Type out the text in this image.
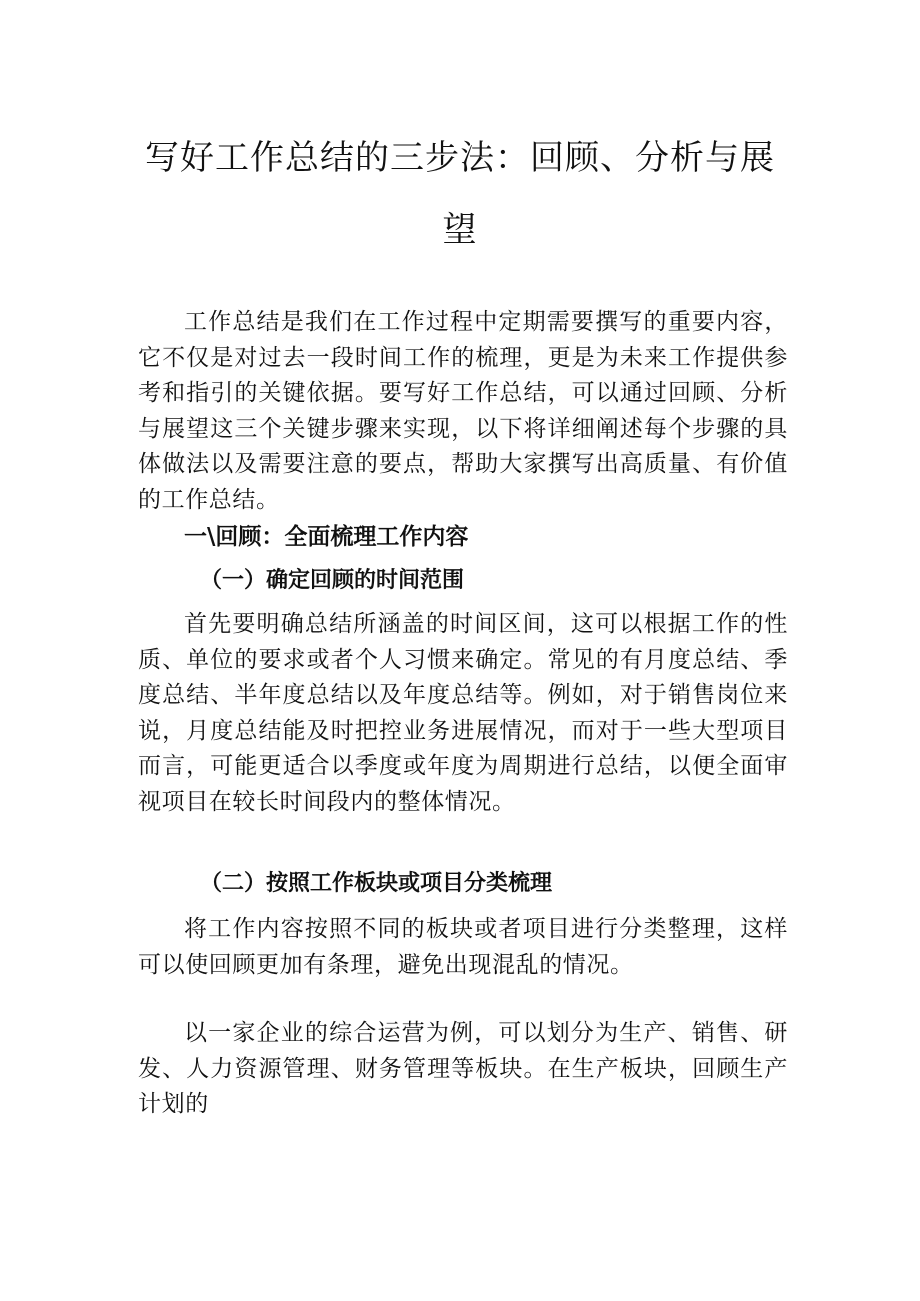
写好工作总结的三步法：回顾、分析与展
望

工作总结是我们在工作过程中定期需要撰写的重要内容，它不仅是对过去一段时间工作的梳理，更是为未来工作提供参考和指引的关键依据。要写好工作总结，可以通过回顾、分析与展望这三个关键步骤来实现，以下将详细阐述每个步骤的具体做法以及需要注意的要点，帮助大家撰写出高质量、有价值的工作总结。

一\回顾：全面梳理工作内容
（一）确定回顾的时间范围

首先要明确总结所涵盖的时间区间，这可以根据工作的性质、单位的要求或者个人习惯来确定。常见的有月度总结、季度总结、半年度总结以及年度总结等。例如，对于销售岗位来说，月度总结能及时把控业务进展情况，而对于一些大型项目而言，可能更适合以季度或年度为周期进行总结，以便全面审视项目在较长时间段内的整体情况。

（二）按照工作板块或项目分类梳理

将工作内容按照不同的板块或者项目进行分类整理，这样可以使回顾更加有条理，避免出现混乱的情况。

以一家企业的综合运营为例，可以划分为生产、销售、研发、人力资源管理、财务管理等板块。在生产板块，回顾生产计划的
